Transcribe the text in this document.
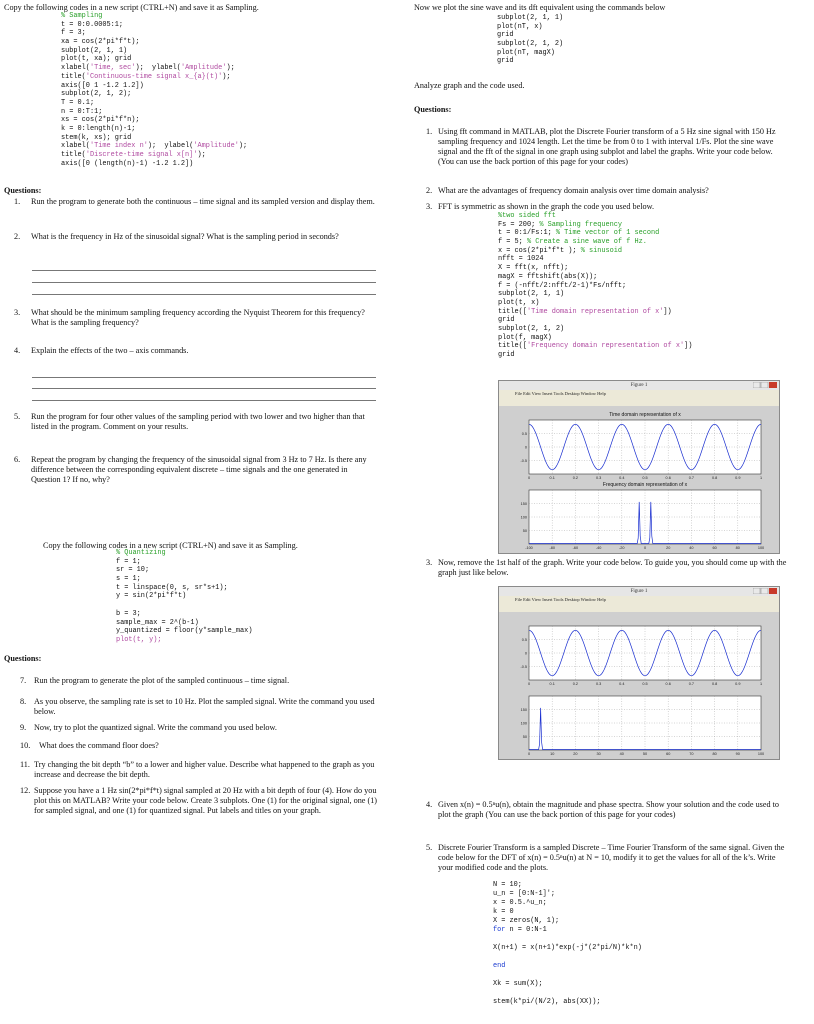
Copy the following codes in a new script (CTRL+N) and save it as Sampling.

% Sampling
t = 0:0.0005:1;
f = 3;
xa = cos(2*pi*f*t);
subplot(2, 1, 1)
plot(t, xa); grid
xlabel('Time, sec');  ylabel('Amplitude');
title('Continuous-time signal x_{a}(t)');
axis([0 1 -1.2 1.2])
subplot(2, 1, 2);
T = 0.1;
n = 0:T:1;
xs = cos(2*pi*f*n);
k = 0:length(n)-1;
stem(k, xs); grid
xlabel('Time index n');  ylabel('Amplitude');
title('Discrete-time signal x[n]');
axis([0 (length(n)-1) -1.2 1.2])

Questions:

1. Run the program to generate both the continuous – time signal and its sampled version and display them.
2. What is the frequency in Hz of the sinusoidal signal? What is the sampling period in seconds?
3. What should be the minimum sampling frequency according the Nyquist Theorem for this frequency? What is the sampling frequency?
4. Explain the effects of the two – axis commands.
5. Run the program for four other values of the sampling period with two lower and two higher than that listed in the program. Comment on your results.
6. Repeat the program by changing the frequency of the sinusoidal signal from 3 Hz to 7 Hz. Is there any difference between the corresponding equivalent discrete – time signals and the one generated in Question 1? If no, why?

Copy the following codes in a new script (CTRL+N) and save it as Sampling.

% Quantizing
f = 1;
sr = 10;
s = 1;
t = linspace(0, s, sr*s+1);
y = sin(2*pi*f*t)

b = 3;
sample_max = 2^(b-1)
y_quantized = floor(y*sample_max)
plot(t, y);

Questions:

7. Run the program to generate the plot of the sampled continuous – time signal.
8. As you observe, the sampling rate is set to 10 Hz. Plot the sampled signal. Write the command you used below.
9. Now, try to plot the quantized signal. Write the command you used below.
10. What does the command floor does?
11. Try changing the bit depth “b” to a lower and higher value. Describe what happened to the graph as you increase and decrease the bit depth.
12. Suppose you have a 1 Hz sin(2*pi*f*t) signal sampled at 20 Hz with a bit depth of four (4). How do you plot this on MATLAB? Write your code below. Create 3 subplots. One (1) for the original signal, one (1) for sampled signal, and one (1) for quantized signal. Put labels and titles on your graph.

Now we plot the sine wave and its dft equivalent using the commands below

subplot(2, 1, 1)
plot(nT, x)
grid
subplot(2, 1, 2)
plot(nT, magX)
grid

Analyze graph and the code used.

Questions:

1. Using fft command in MATLAB, plot the Discrete Fourier transform of a 5 Hz sine signal with 150 Hz sampling frequency and 1024 length. Let the time be from 0 to 1 with interval 1/Fs. Plot the sine wave signal and the fft of the signal in one graph using subplot and label the graphs. Write your code below. (You can use the back portion of this page for your codes)
2. What are the advantages of frequency domain analysis over time domain analysis?
3. FFT is symmetric as shown in the graph the code you used below.
%two sided fft
Fs = 200; % Sampling frequency
t = 0:1/Fs:1; % Time vector of 1 second
f = 5; % Create a sine wave of f Hz.
x = cos(2*pi*f*t ); % sinusoid
nfft = 1024
X = fft(x, nfft);
magX = fftshift(abs(X));
f = (-nfft/2:nfft/2-1)*Fs/nfft;
subplot(2, 1, 1)
plot(t, x)
title(['Time domain representation of x'])
grid
subplot(2, 1, 2)
plot(f, magX)
title(['Frequency domain representation of x'])
grid
Figure 1
File Edit View Insert Tools Desktop Window Help
Time domain representation of x
Frequency domain representation of x
0	0.1	0.2	0.3	0.4	0.5	0.6	0.7	0.8	0.9	1
0.5
0
-0.5
-100	-80	-60	-40	-20	0	20	40	60	80	100
150
100
50
3. Now, remove the 1st half of the graph. Write your code below. To guide you, you should come up with the graph just like below.
Figure 1
File Edit View Insert Tools Desktop Window Help
0	0.1	0.2	0.3	0.4	0.5	0.6	0.7	0.8	0.9	1
0.5
0
-0.5
0	10	20	30	40	50	60	70	80	90	100
150
100
50
4. Given x(n) = 0.5ⁿu(n), obtain the magnitude and phase spectra. Show your solution and the code used to plot the graph (You can use the back portion of this page for your codes)
5. Discrete Fourier Transform is a sampled Discrete – Time Fourier Transform of the same signal. Given the code below for the DFT of x(n) = 0.5ⁿu(n) at N = 10, modify it to get the values for all of the k’s. Write your modified code and the plots.
N = 10;
u_n = [0:N-1]';
x = 0.5.^u_n;
k = 0
X = zeros(N, 1);
for n = 0:N-1

X(n+1) = x(n+1)*exp(-j*(2*pi/N)*k*n)

end

Xk = sum(X);

stem(k*pi/(N/2), abs(XX));
